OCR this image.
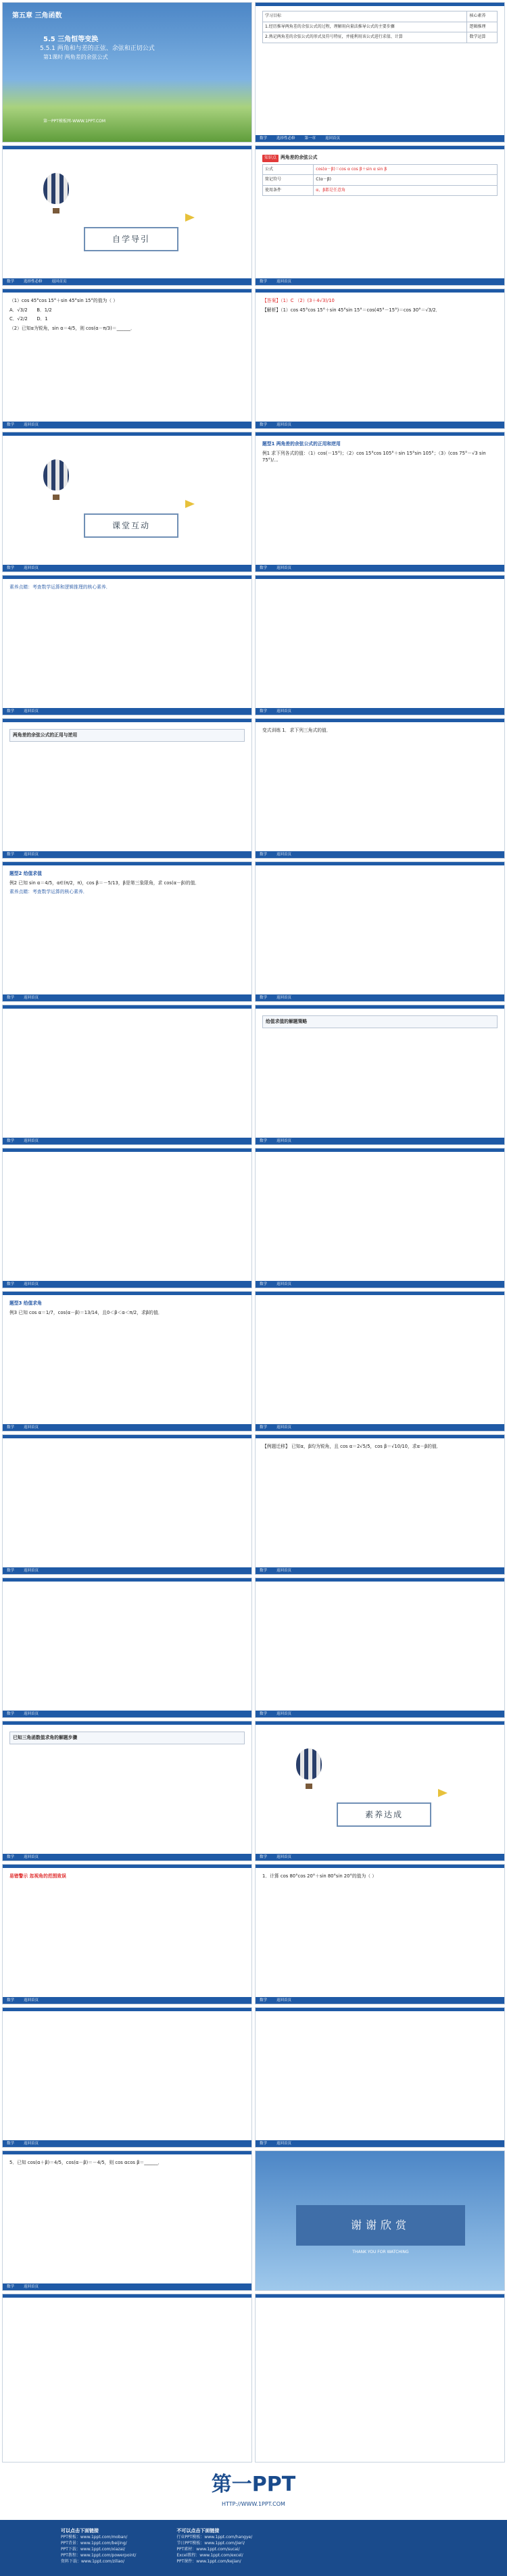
第五章 三角函数
5.5 三角恒等变换
5.5.1 两角和与差的正弦、余弦和正切公式
第1课时 两角差的余弦公式
第一PPT模板网-WWW.1PPT.COM
学习目标	核心素养
1.经历推导两角差的余弦公式的过程，理解用向量法推导公式的主要步骤	逻辑推理
2.熟记两角差的余弦公式的形式及符号特征，并能利用该公式进行求值、计算	数学运算
数学	选择性必修	第一章	返回首页
自学导引
数学	选择性必修	返回首页

知识点 两角差的余弦公式

公式	cos(α－β)＝cos α cos β＋sin α sin β
简记符号	C(α－β)
使用条件	α，β都是任意角
数学	返回首页

（1）cos 45°cos 15°＋sin 45°sin 15°的值为（ ）

A．√3/2　　 B．1/2

C．√2/2　　 D．1

（2）已知α为锐角，sin α＝4/5，则 cos(α－π/3)＝______．

数学	返回首页

【答案】（1）C （2）(3＋4√3)/10

【解析】（1）cos 45°cos 15°＋sin 45°sin 15°＝cos(45°－15°)＝cos 30°＝√3/2．

数学	返回首页
课堂互动
数学	返回首页

题型1 两角差的余弦公式的正用和逆用

例1 求下列各式的值：（1）cos(－15°)；（2）cos 15°cos 105°＋sin 15°sin 105°；（3）(cos 75°－√3 sin 75°)/…

数学	返回首页

素养点睛：考查数学运算和逻辑推理的核心素养．

数学	返回首页	数学	返回首页
两角差的余弦公式的正用与逆用
数学	返回首页

变式训练 1．求下列三角式的值．

数学	返回首页

题型2 给值求值

例2 已知 sin α＝4/5，α∈(π/2，π)，cos β＝－5/13，β是第三象限角，求 cos(α－β)的值．

素养点睛：考查数学运算的核心素养．

数学	返回首页	数学	返回首页
数学	返回首页
给值求值的解题策略
数学	返回首页
数学	返回首页	数学	返回首页

题型3 给值求角

例3 已知 cos α＝1/7，cos(α－β)＝13/14，且0＜β＜α＜π/2，求β的值．

数学	返回首页	数学	返回首页
数学	返回首页

【例题迁移】 已知α，β均为锐角，且 cos α＝2√5/5，cos β＝√10/10，求α－β的值．

数学	返回首页
数学	返回首页	数学	返回首页
已知三角函数值求角的解题步骤
数学	返回首页
素养达成
数学	返回首页

易错警示 忽视角的范围致误

数学	返回首页

1．计算 cos 80°cos 20°＋sin 80°sin 20°的值为（ ）

数学	返回首页
数学	返回首页	数学	返回首页

5．已知 cos(α＋β)＝4/5，cos(α－β)＝－4/5，则 cos αcos β＝______．

数学	返回首页
谢谢欣赏
THANK YOU FOR WATCHING
第一PPT
HTTP://WWW.1PPT.COM
可以点击下面链接
PPT模板：www.1ppt.com/moban/
PPT背景：www.1ppt.com/beijing/
PPT下载：www.1ppt.com/xiazai/
PPT教程：www.1ppt.com/powerpoint/
资料下载：www.1ppt.com/ziliao/
不可以点击下面链接
行业PPT模板：www.1ppt.com/hangye/
节日PPT模板：www.1ppt.com/jieri/
PPT素材：www.1ppt.com/sucai/
Excel教程：www.1ppt.com/excel/
PPT课件：www.1ppt.com/kejian/
